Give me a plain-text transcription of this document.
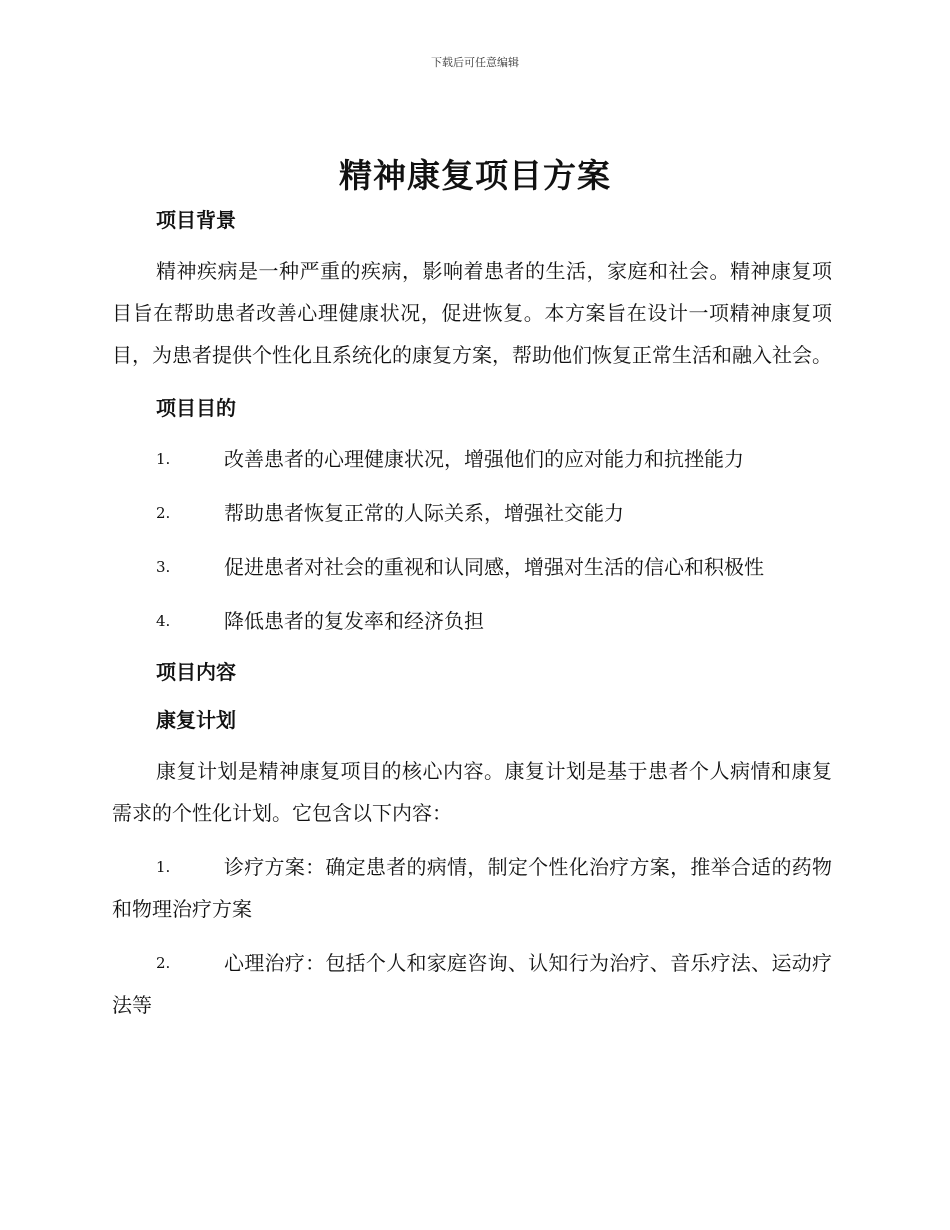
下载后可任意编辑
精神康复项目方案

项目背景

精神疾病是一种严重的疾病，影响着患者的生活，家庭和社会。精神康复项目旨在帮助患者改善心理健康状况，促进恢复。本方案旨在设计一项精神康复项目，为患者提供个性化且系统化的康复方案，帮助他们恢复正常生活和融入社会。

项目目的

1.	改善患者的心理健康状况，增强他们的应对能力和抗挫能力
2.	帮助患者恢复正常的人际关系，增强社交能力
3.	促进患者对社会的重视和认同感，增强对生活的信心和积极性
4.	降低患者的复发率和经济负担

项目内容

康复计划

康复计划是精神康复项目的核心内容。康复计划是基于患者个人病情和康复需求的个性化计划。它包含以下内容：

1.	诊疗方案：确定患者的病情，制定个性化治疗方案，推举合适的药物和物理治疗方案
2.	心理治疗：包括个人和家庭咨询、认知行为治疗、音乐疗法、运动疗法等
